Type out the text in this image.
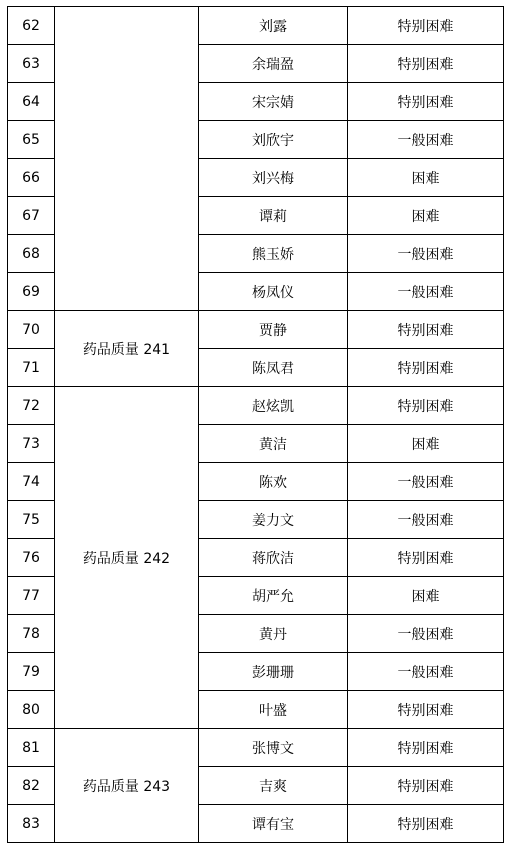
62		刘露	特别困难
63		余瑞盈	特别困难
64		宋宗婧	特别困难
65		刘欣宇	一般困难
66		刘兴梅	困难
67		谭莉	困难
68		熊玉娇	一般困难
69		杨凤仪	一般困难
70	药品质量 241	贾静	特别困难
71		陈凤君	特别困难
72	药品质量 242	赵炫凯	特别困难
73		黄洁	困难
74		陈欢	一般困难
75		姜力文	一般困难
76		蒋欣洁	特别困难
77		胡严允	困难
78		黄丹	一般困难
79		彭珊珊	一般困难
80		叶盛	特别困难
81	药品质量 243	张博文	特别困难
82		吉爽	特别困难
83		谭有宝	特别困难
